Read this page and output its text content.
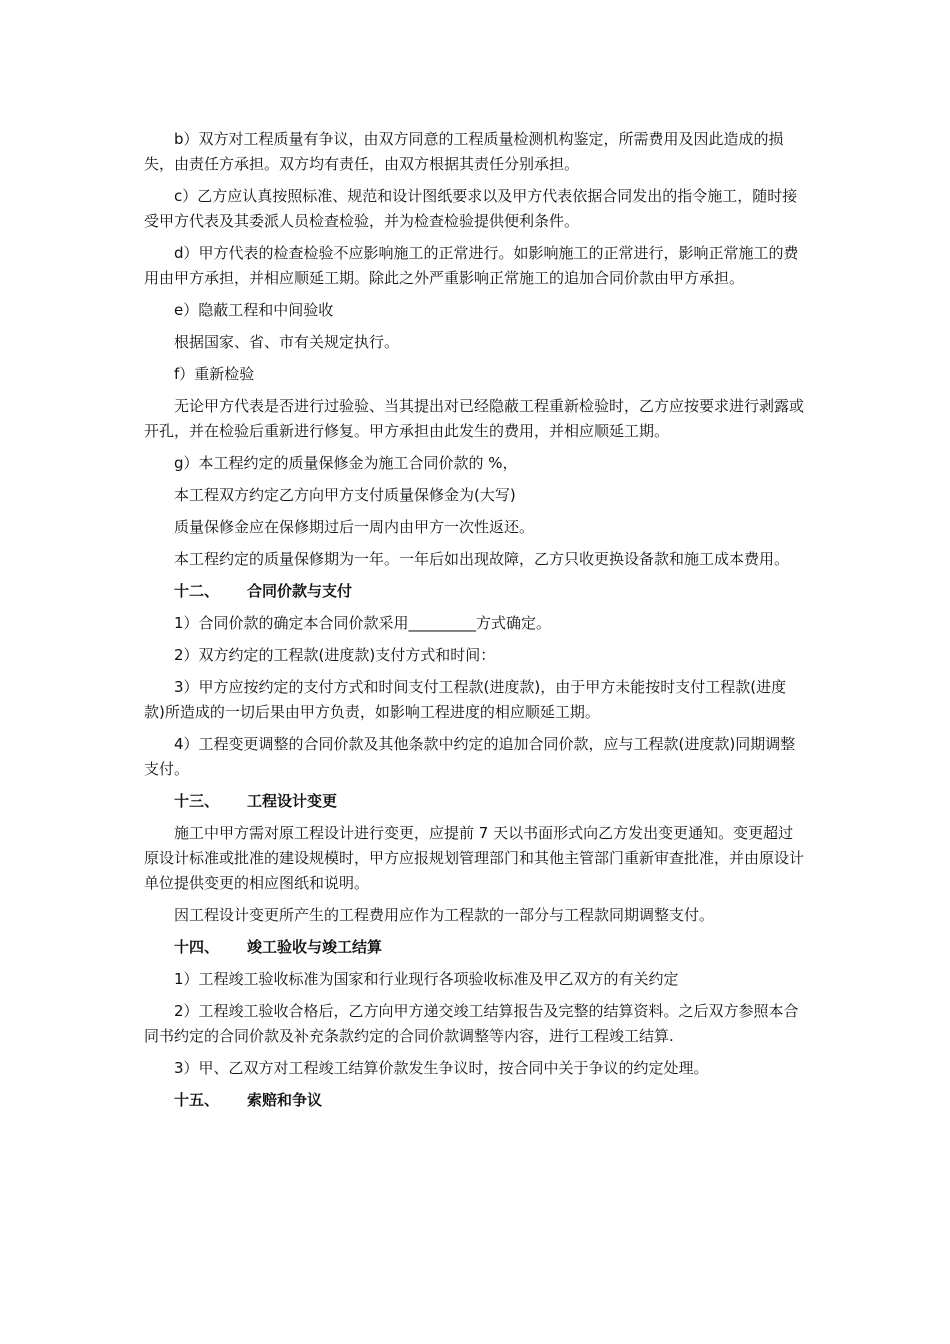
b）双方对工程质量有争议，由双方同意的工程质量检测机构鉴定，所需费用及因此造成的损失，由责任方承担。双方均有责任，由双方根据其责任分别承担。

c）乙方应认真按照标准、规范和设计图纸要求以及甲方代表依据合同发出的指令施工，随时接受甲方代表及其委派人员检查检验，并为检查检验提供便利条件。

d）甲方代表的检查检验不应影响施工的正常进行。如影响施工的正常进行，影响正常施工的费用由甲方承担，并相应顺延工期。除此之外严重影响正常施工的追加合同价款由甲方承担。

e）隐蔽工程和中间验收

根据国家、省、市有关规定执行。

f）重新检验

无论甲方代表是否进行过验验、当其提出对已经隐蔽工程重新检验时，乙方应按要求进行剥露或开孔，并在检验后重新进行修复。甲方承担由此发生的费用，并相应顺延工期。

g）本工程约定的质量保修金为施工合同价款的 %，

本工程双方约定乙方向甲方支付质量保修金为(大写)

质量保修金应在保修期过后一周内由甲方一次性返还。

本工程约定的质量保修期为一年。一年后如出现故障，乙方只收更换设备款和施工成本费用。

十二、 合同价款与支付

1）合同价款的确定本合同价款采用_________方式确定。

2）双方约定的工程款(进度款)支付方式和时间：

3）甲方应按约定的支付方式和时间支付工程款(进度款)，由于甲方未能按时支付工程款(进度款)所造成的一切后果由甲方负责，如影响工程进度的相应顺延工期。

4）工程变更调整的合同价款及其他条款中约定的追加合同价款，应与工程款(进度款)同期调整支付。

十三、 工程设计变更

施工中甲方需对原工程设计进行变更，应提前 7 天以书面形式向乙方发出变更通知。变更超过原设计标准或批准的建设规模时，甲方应报规划管理部门和其他主管部门重新审查批准，并由原设计单位提供变更的相应图纸和说明。

因工程设计变更所产生的工程费用应作为工程款的一部分与工程款同期调整支付。

十四、 竣工验收与竣工结算

1）工程竣工验收标准为国家和行业现行各项验收标准及甲乙双方的有关约定

2）工程竣工验收合格后，乙方向甲方递交竣工结算报告及完整的结算资料。之后双方参照本合同书约定的合同价款及补充条款约定的合同价款调整等内容，进行工程竣工结算.

3）甲、乙双方对工程竣工结算价款发生争议时，按合同中关于争议的约定处理。

十五、 索赔和争议
